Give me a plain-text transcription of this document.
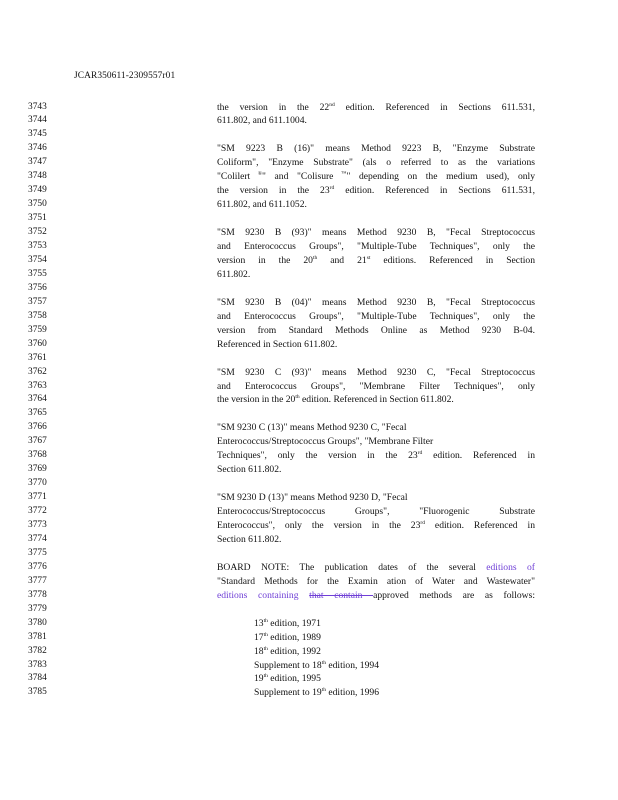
JCAR350611-2309557r01
3743	the version in the 22nd edition. Referenced in Sections 611.531,
3744	611.802, and 611.1004.
3745
3746	"SM 9223 B (16)" means Method 9223 B, "Enzyme Substrate
3747	Coliform", "Enzyme Substrate" (als o referred to as the variations
3748	"Colilert ®" and "Colisure ™" depending on the medium used), only
3749	the version in the 23rd edition. Referenced in Sections 611.531,
3750	611.802, and 611.1052.
3751
3752	"SM 9230 B (93)" means Method 9230 B, "Fecal Streptococcus
3753	and Enterococcus Groups", "Multiple-Tube Techniques", only the
3754	version in the 20th and 21st editions. Referenced in Section
3755	611.802.
3756
3757	"SM 9230 B (04)" means Method 9230 B, "Fecal Streptococcus
3758	and Enterococcus Groups", "Multiple-Tube Techniques", only the
3759	version from Standard Methods Online as Method 9230 B-04.
3760	Referenced in Section 611.802.
3761
3762	"SM 9230 C (93)" means Method 9230 C, "Fecal Streptococcus
3763	and Enterococcus Groups", "Membrane Filter Techniques", only
3764	the version in the 20th edition. Referenced in Section 611.802.
3765
3766	"SM 9230 C (13)" means Method 9230 C, "Fecal
3767	Enterococcus/Streptococcus Groups", "Membrane Filter
3768	Techniques", only the version in the 23rd edition. Referenced in
3769	Section 611.802.
3770
3771	"SM 9230 D (13)" means Method 9230 D, "Fecal
3772	Enterococcus/Streptococcus Groups", "Fluorogenic Substrate
3773	Enterococcus", only the version in the 23rd edition. Referenced in
3774	Section 611.802.
3775
3776	BOARD NOTE: The publication dates of the several editions of
3777	"Standard Methods for the Examin ation of Water and Wastewater"
3778	editions containing that contain approved methods are as follows:
3779
3780	13th edition, 1971
3781	17th edition, 1989
3782	18th edition, 1992
3783	Supplement to 18th edition, 1994
3784	19th edition, 1995
3785	Supplement to 19th edition, 1996
